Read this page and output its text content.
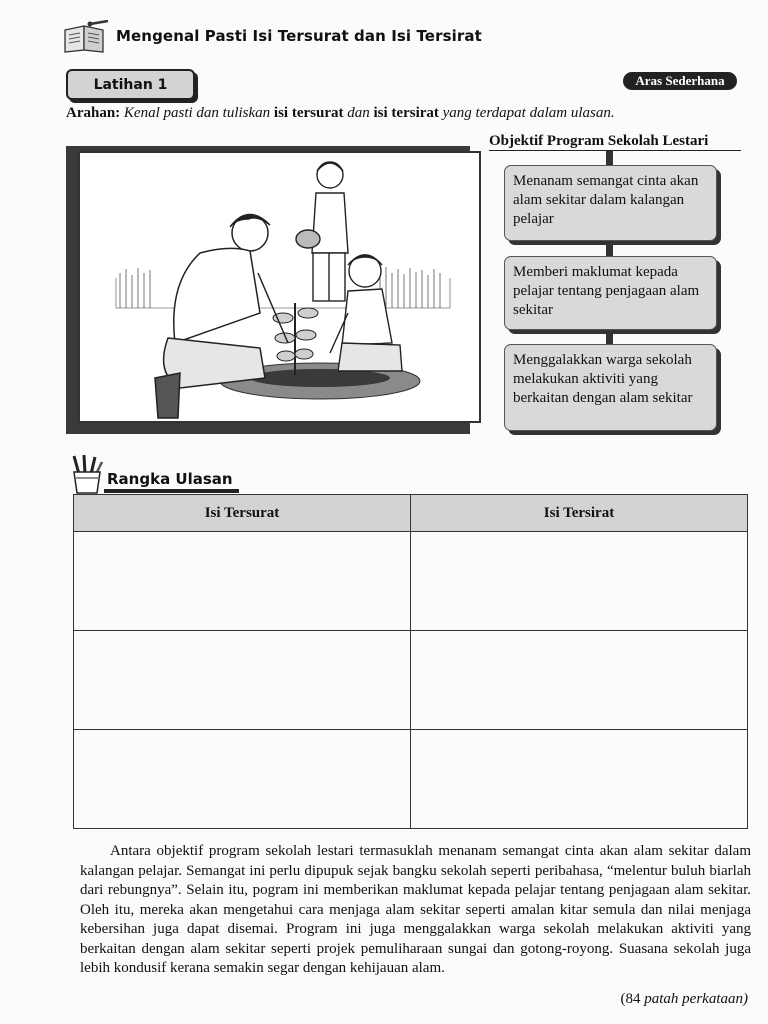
Mengenal Pasti Isi Tersurat dan Isi Tersirat
Latihan 1	Aras Sederhana
Arahan: Kenal pasti dan tuliskan isi tersurat dan isi tersirat yang terdapat dalam ulasan.
Objektif Program Sekolah Lestari
Menanam semangat cinta akan alam sekitar dalam kalangan pelajar
Memberi maklumat kepada pelajar tentang penjagaan alam sekitar
Menggalakkan warga sekolah melakukan aktiviti yang berkaitan dengan alam sekitar
Rangka Ulasan
Isi Tersurat	Isi Tersirat

Antara objektif program sekolah lestari termasuklah menanam semangat cinta akan alam sekitar dalam kalangan pelajar. Semangat ini perlu dipupuk sejak bangku sekolah seperti peribahasa, “melentur buluh biarlah dari rebungnya”. Selain itu, pogram ini memberikan maklumat kepada pelajar tentang penjagaan alam sekitar. Oleh itu, mereka akan mengetahui cara menjaga alam sekitar seperti amalan kitar semula dan nilai menjaga kebersihan juga dapat disemai. Program ini juga menggalakkan warga sekolah melakukan aktiviti yang berkaitan dengan alam sekitar seperti projek pemuliharaan sungai dan gotong-royong. Suasana sekolah juga lebih kondusif kerana semakin segar dengan kehijauan alam.
(84 patah perkataan)
